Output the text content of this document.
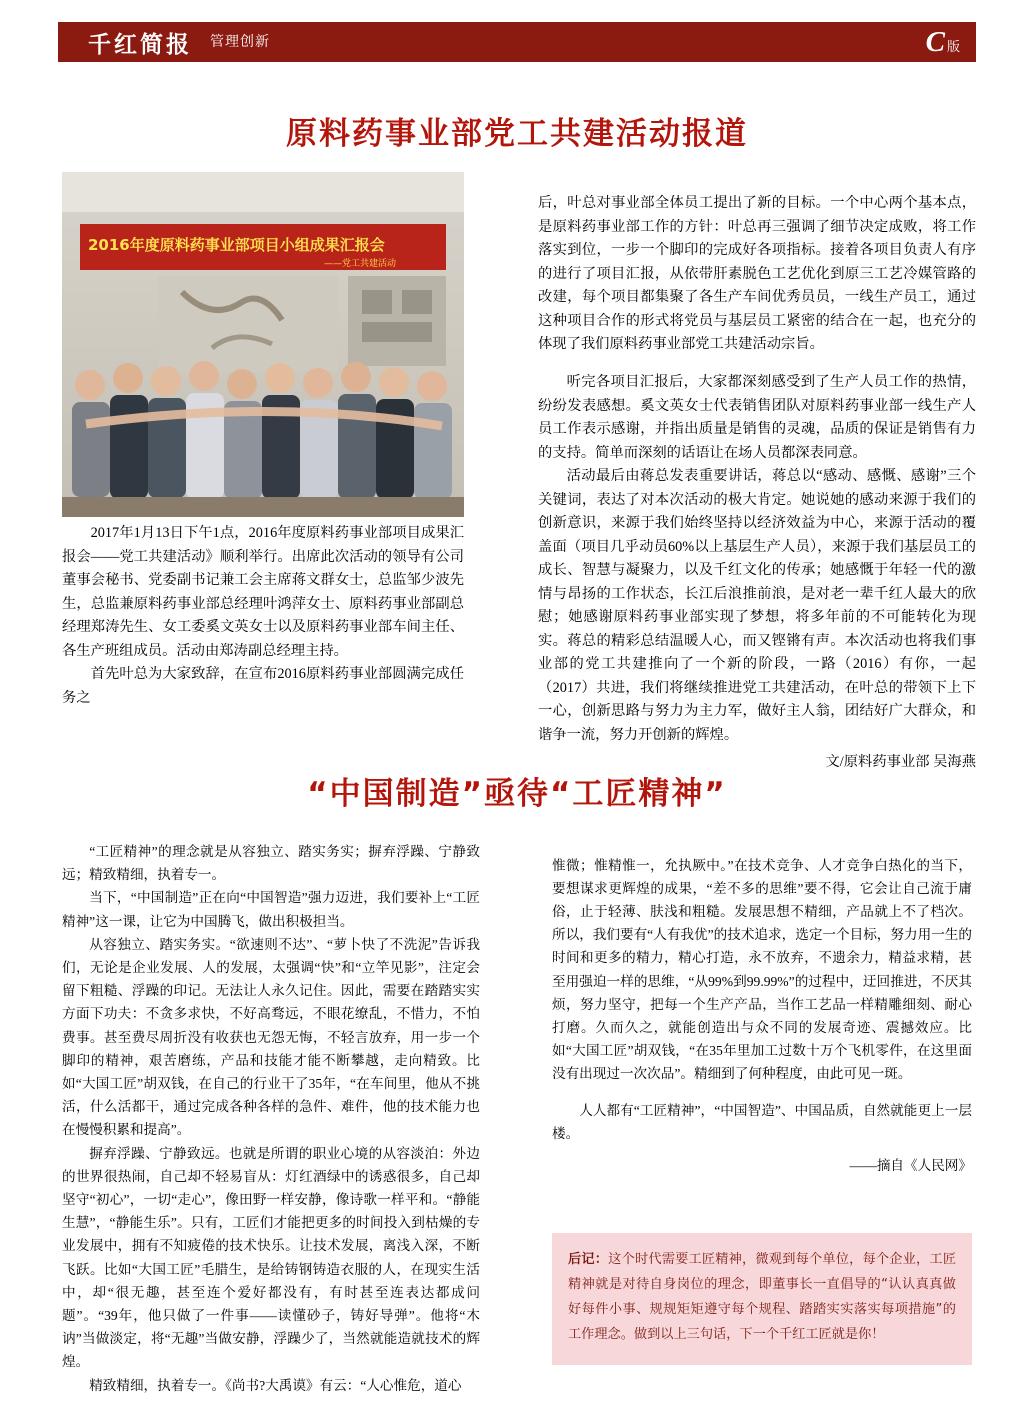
千红简报 管理创新	C 版
原料药事业部党工共建活动报道
2016年度原料药事业部项目小组成果汇报会
——党工共建活动

2017年1月13日下午1点，2016年度原料药事业部项目成果汇报会——党工共建活动》顺利举行。出席此次活动的领导有公司董事会秘书、党委副书记兼工会主席蒋文群女士，总监邹少波先生，总监兼原料药事业部总经理叶鸿萍女士、原料药事业部副总经理郑涛先生、女工委奚文英女士以及原料药事业部车间主任、各生产班组成员。活动由郑涛副总经理主持。

首先叶总为大家致辞，在宣布2016原料药事业部圆满完成任务之

后，叶总对事业部全体员工提出了新的目标。一个中心两个基本点，是原料药事业部工作的方针：叶总再三强调了细节决定成败，将工作落实到位，一步一个脚印的完成好各项指标。接着各项目负责人有序的进行了项目汇报，从依带肝素脱色工艺优化到原三工艺冷媒管路的改建，每个项目都集聚了各生产车间优秀员员，一线生产员工，通过这种项目合作的形式将党员与基层员工紧密的结合在一起，也充分的体现了我们原料药事业部党工共建活动宗旨。

听完各项目汇报后，大家都深刻感受到了生产人员工作的热情，纷纷发表感想。奚文英女士代表销售团队对原料药事业部一线生产人员工作表示感谢，并指出质量是销售的灵魂，品质的保证是销售有力的支持。简单而深刻的话语让在场人员都深表同意。

活动最后由蒋总发表重要讲话，蒋总以“感动、感慨、感谢”三个关键词，表达了对本次活动的极大肯定。她说她的感动来源于我们的创新意识，来源于我们始终坚持以经济效益为中心，来源于活动的覆盖面（项目几乎动员60%以上基层生产人员），来源于我们基层员工的成长、智慧与凝聚力，以及千红文化的传承；她感慨于年轻一代的激情与昂扬的工作状态，长江后浪推前浪，是对老一辈千红人最大的欣慰；她感谢原料药事业部实现了梦想，将多年前的不可能转化为现实。蒋总的精彩总结温暖人心，而又铿锵有声。本次活动也将我们事业部的党工共建推向了一个新的阶段，一路（2016）有你，一起（2017）共进，我们将继续推进党工共建活动，在叶总的带领下上下一心，创新思路与努力为主力军，做好主人翁，团结好广大群众，和谐争一流，努力开创新的辉煌。

文/原料药事业部 吴海燕

“中国制造”亟待“工匠精神”

“工匠精神”的理念就是从容独立、踏实务实；摒弃浮躁、宁静致远；精致精细，执着专一。

当下，“中国制造”正在向“中国智造”强力迈进，我们要补上“工匠精神”这一课，让它为中国腾飞，做出积极担当。

从容独立、踏实务实。“欲速则不达”、“萝卜快了不洗泥”告诉我们，无论是企业发展、人的发展，太强调“快”和“立竿见影”，注定会留下粗糙、浮躁的印记。无法让人永久记住。因此，需要在踏踏实实方面下功夫：不贪多求快，不好高骛远，不眼花缭乱，不惜力，不怕费事。甚至费尽周折没有收获也无怨无悔，不轻言放弃，用一步一个脚印的精神，艰苦磨练，产品和技能才能不断攀越，走向精致。比如“大国工匠”胡双钱，在自己的行业干了35年，“在车间里，他从不挑活，什么活都干，通过完成各种各样的急件、难件，他的技术能力也在慢慢积累和提高”。

摒弃浮躁、宁静致远。也就是所谓的职业心境的从容淡泊：外边的世界很热闹，自己却不轻易盲从：灯红酒绿中的诱惑很多，自己却坚守“初心”，一切“走心”，像田野一样安静，像诗歌一样平和。“静能生慧”，“静能生乐”。只有，工匠们才能把更多的时间投入到枯燥的专业发展中，拥有不知疲倦的技术快乐。让技术发展，离浅入深，不断飞跃。比如“大国工匠”毛腊生，是给铸钢铸造衣服的人，在现实生活中，却“很无趣，甚至连个爱好都没有，有时甚至连表达都成问题”。“39年，他只做了一件事——读懂砂子，铸好导弹”。他将“木讷”当做淡定，将“无趣”当做安静，浮躁少了，当然就能造就技术的辉煌。

精致精细，执着专一。《尚书?大禹谟》有云：“人心惟危，道心

惟微；惟精惟一，允执厥中。”在技术竞争、人才竞争白热化的当下，要想谋求更辉煌的成果，“差不多的思维”要不得，它会让自己流于庸俗，止于轻薄、肤浅和粗糙。发展思想不精细，产品就上不了档次。所以，我们要有“人有我优”的技术追求，选定一个目标，努力用一生的时间和更多的精力，精心打造，永不放弃，不遗余力，精益求精，甚至用强迫一样的思维，“从99%到99.99%”的过程中，迂回推进，不厌其烦，努力坚守，把每一个生产产品，当作工艺品一样精雕细刻、耐心打磨。久而久之，就能创造出与众不同的发展奇迹、震撼效应。比如“大国工匠”胡双钱，“在35年里加工过数十万个飞机零件，在这里面没有出现过一次次品”。精细到了何种程度，由此可见一斑。

人人都有“工匠精神”，“中国智造”、中国品质，自然就能更上一层楼。

——摘自《人民网》

后记：这个时代需要工匠精神，微观到每个单位，每个企业，工匠精神就是对待自身岗位的理念，即董事长一直倡导的“认认真真做好每件小事、规规矩矩遵守每个规程、踏踏实实落实每项措施”的工作理念。做到以上三句话，下一个千红工匠就是你！
